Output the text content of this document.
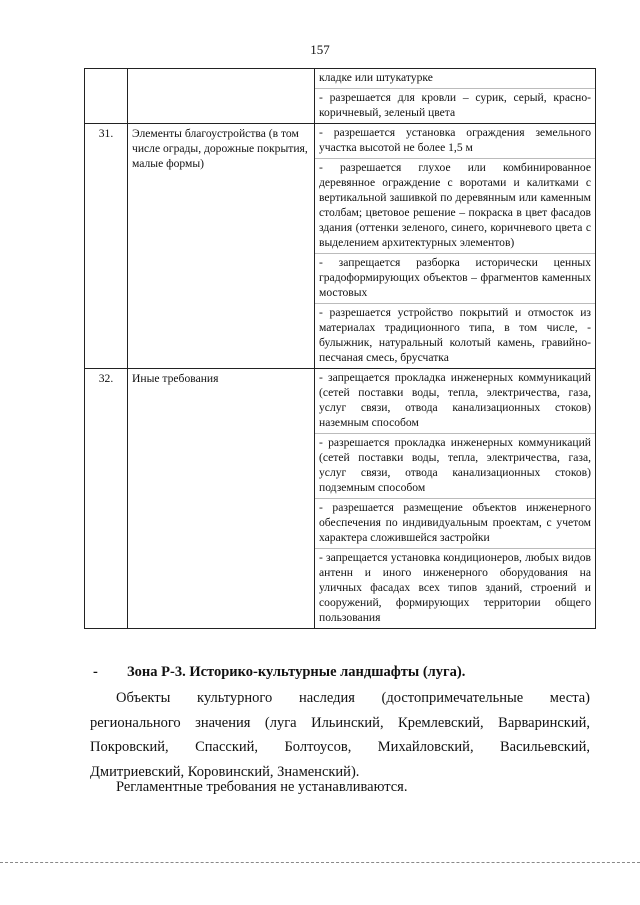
157

		кладке или штукатурке
- разрешается для кровли – сурик, серый, красно- коричневый, зеленый цвета

31.	Элементы благоустройства (в том числе ограды, дорожные покрытия, малые формы)	- разрешается установка ограждения земельного участка высотой не более 1,5 м
- разрешается глухое или комбинированное деревянное ограждение с воротами и калитками с вертикальной зашивкой по деревянным или каменным столбам; цветовое решение – покраска в цвет фасадов здания (оттенки зеленого, синего, коричневого цвета с выделением архитектурных элементов)
- запрещается разборка исторически ценных градоформирующих объектов – фрагментов каменных мостовых
- разрешается устройство покрытий и отмосток из материалах традиционного типа, в том числе, - булыжник, натуральный колотый камень, гравийно-песчаная смесь, брусчатка

32.	Иные требования	- запрещается прокладка инженерных коммуникаций (сетей поставки воды, тепла, электричества, газа, услуг связи, отвода канализационных стоков) наземным способом
- разрешается прокладка инженерных коммуникаций (сетей поставки воды, тепла, электричества, газа, услуг связи, отвода канализационных стоков) подземным способом
- разрешается размещение объектов инженерного обеспечения по индивидуальным проектам, с учетом характера сложившейся застройки
- запрещается установка кондиционеров, любых видов антенн и иного инженерного оборудования на уличных фасадах всех типов зданий, строений и сооружений, формирующих территории общего пользования
- Зона Р-3. Историко-культурные ландшафты (луга).
Объекты культурного наследия (достопримечательные места) регионального значения (луга Ильинский, Кремлевский, Варваринский, Покровский, Спасский, Болтоусов, Михайловский, Васильевский, Дмитриевский, Коровинский, Знаменский).
Регламентные требования не устанавливаются.
